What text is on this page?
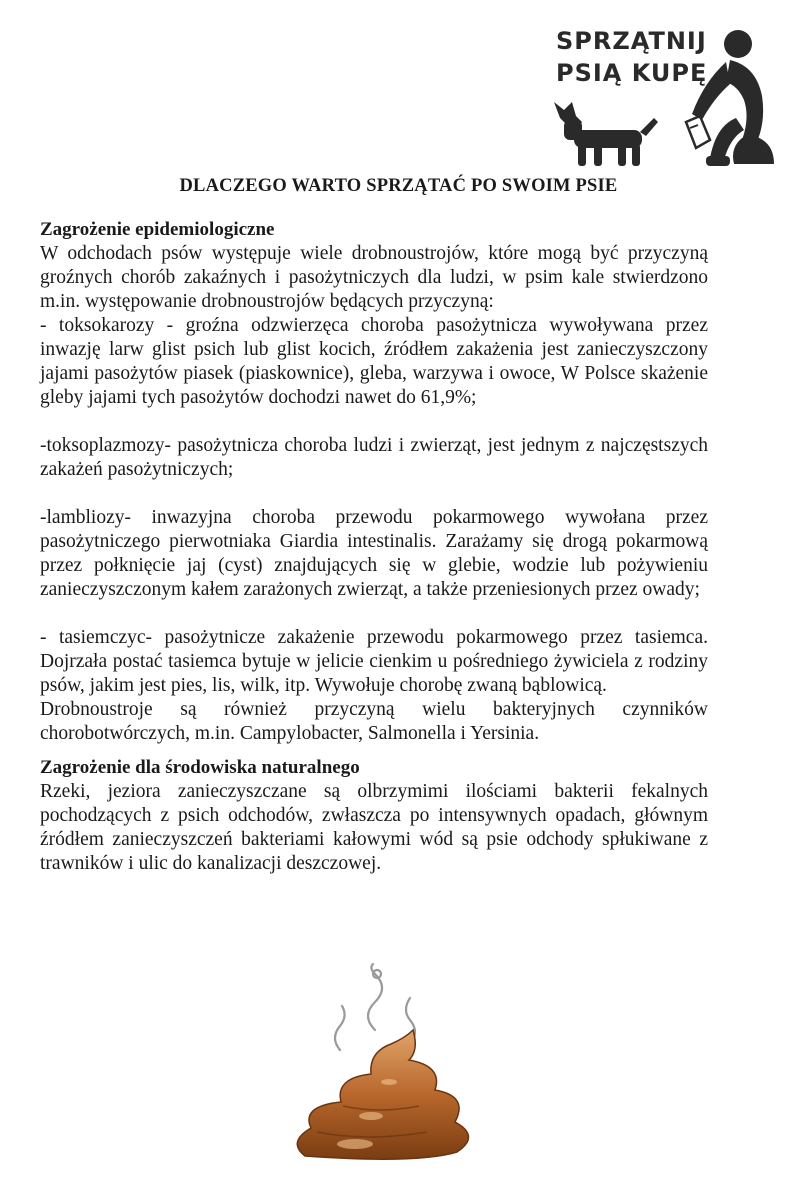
SPRZĄTNIJ
PSIĄ KUPĘ
DLACZEGO WARTO SPRZĄTAĆ PO SWOIM PSIE
Zagrożenie epidemiologiczne

W odchodach psów występuje wiele drobnoustrojów, które mogą być przyczyną groźnych chorób zakaźnych i pasożytniczych dla ludzi, w psim kale stwierdzono m.in. występowanie drobnoustrojów będących przyczyną:

- toksokarozy - groźna odzwierzęca choroba pasożytnicza wywoływana przez inwazję larw glist psich lub glist kocich, źródłem zakażenia jest zanieczyszczony jajami pasożytów piasek (piaskownice), gleba, warzywa i owoce, W Polsce skażenie gleby jajami tych pasożytów dochodzi nawet do 61,9%;

-toksoplazmozy- pasożytnicza choroba ludzi i zwierząt, jest jednym z najczęstszych zakażeń pasożytniczych;

-lambliozy- inwazyjna choroba przewodu pokarmowego wywołana przez pasożytniczego pierwotniaka Giardia intestinalis. Zarażamy się drogą pokarmową przez połknięcie jaj (cyst) znajdujących się w glebie, wodzie lub pożywieniu zanieczyszczonym kałem zarażonych zwierząt, a także przeniesionych przez owady;

- tasiemczyc- pasożytnicze zakażenie przewodu pokarmowego przez tasiemca. Dojrzała postać tasiemca bytuje w jelicie cienkim u pośredniego żywiciela z rodziny psów, jakim jest pies, lis, wilk, itp. Wywołuje chorobę zwaną bąblowicą.

Drobnoustroje są również przyczyną wielu bakteryjnych czynników chorobotwórczych, m.in. Campylobacter, Salmonella i Yersinia.

Zagrożenie dla środowiska naturalnego

Rzeki, jeziora zanieczyszczane są olbrzymimi ilościami bakterii fekalnych pochodzących z psich odchodów, zwłaszcza po intensywnych opadach, głównym źródłem zanieczyszczeń bakteriami kałowymi wód są psie odchody spłukiwane z trawników i ulic do kanalizacji deszczowej.
